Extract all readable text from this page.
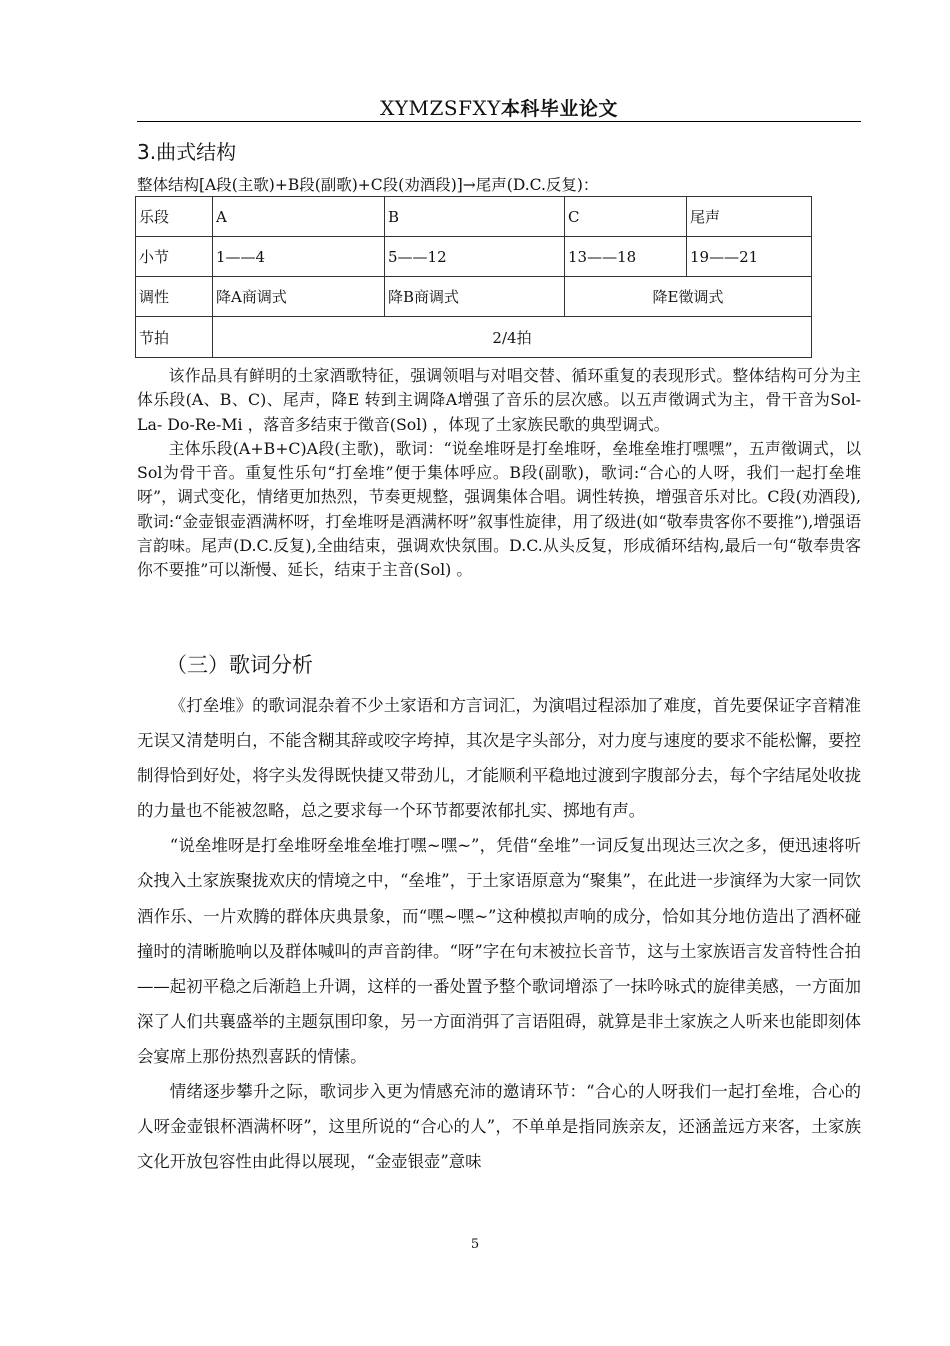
XYMZSFXY本科毕业论文
3.曲式结构
整体结构[A段(主歌)+B段(副歌)+C段(劝酒段)]→尾声(D.C.反复)：
乐段	A	B	C	尾声
小节	1——4	5——12	13——18	19——21
调性	降A商调式	降B商调式	降E徵调式	
节拍	2/4拍			

该作品具有鲜明的土家酒歌特征，强调领唱与对唱交替、循环重复的表现形式。整体结构可分为主体乐段(A、B、C)、尾声，降E 转到主调降A增强了音乐的层次感。以五声徵调式为主，骨干音为Sol-La- Do-Re-Mi ，落音多结束于徵音(Sol) ，体现了土家族民歌的典型调式。

主体乐段(A+B+C)A段(主歌)，歌词：“说垒堆呀是打垒堆呀，垒堆垒堆打嘿嘿”，五声徵调式，以Sol为骨干音。重复性乐句“打垒堆”便于集体呼应。B段(副歌)，歌词:“合心的人呀，我们一起打垒堆呀”，调式变化，情绪更加热烈，节奏更规整，强调集体合唱。调性转换，增强音乐对比。C段(劝酒段),歌词:“金壶银壶酒满杯呀，打垒堆呀是酒满杯呀”叙事性旋律，用了级进(如“敬奉贵客你不要推”),增强语言韵味。尾声(D.C.反复),全曲结束，强调欢快氛围。D.C.从头反复，形成循环结构,最后一句“敬奉贵客你不要推”可以渐慢、延长，结束于主音(Sol) 。

（三）歌词分析

《打垒堆》的歌词混杂着不少土家语和方言词汇，为演唱过程添加了难度，首先要保证字音精准无误又清楚明白，不能含糊其辞或咬字垮掉，其次是字头部分，对力度与速度的要求不能松懈，要控制得恰到好处，将字头发得既快捷又带劲儿，才能顺利平稳地过渡到字腹部分去，每个字结尾处收拢的力量也不能被忽略，总之要求每一个环节都要浓郁扎实、掷地有声。

“说垒堆呀是打垒堆呀垒堆垒堆打嘿~嘿~”，凭借“垒堆”一词反复出现达三次之多，便迅速将听众拽入土家族聚拢欢庆的情境之中，“垒堆”，于土家语原意为“聚集”，在此进一步演绎为大家一同饮酒作乐、一片欢腾的群体庆典景象，而“嘿~嘿~”这种模拟声响的成分，恰如其分地仿造出了酒杯碰撞时的清晰脆响以及群体喊叫的声音韵律。“呀”字在句末被拉长音节，这与土家族语言发音特性合拍——起初平稳之后渐趋上升调，这样的一番处置予整个歌词增添了一抹吟咏式的旋律美感，一方面加深了人们共襄盛举的主题氛围印象，另一方面消弭了言语阻碍，就算是非土家族之人听来也能即刻体会宴席上那份热烈喜跃的情愫。

情绪逐步攀升之际，歌词步入更为情感充沛的邀请环节：“合心的人呀我们一起打垒堆，合心的人呀金壶银杯酒满杯呀”，这里所说的“合心的人”，不单单是指同族亲友，还涵盖远方来客，土家族文化开放包容性由此得以展现，“金壶银壶”意味

5
